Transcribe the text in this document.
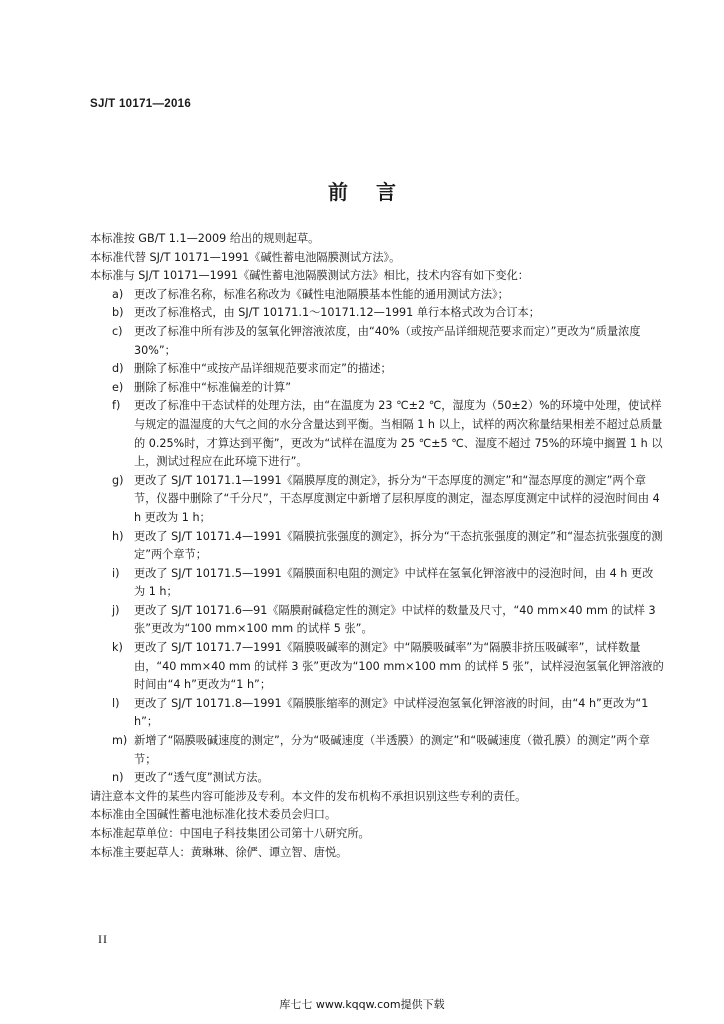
SJ/T 10171—2016
前言

本标准按 GB/T 1.1—2009 给出的规则起草。

本标准代替 SJ/T 10171—1991《碱性蓄电池隔膜测试方法》。

本标准与 SJ/T 10171—1991《碱性蓄电池隔膜测试方法》相比，技术内容有如下变化：

a) 更改了标准名称，标准名称改为《碱性电池隔膜基本性能的通用测试方法》；
b) 更改了标准格式，由 SJ/T 10171.1～10171.12—1991 单行本格式改为合订本；
c)	更改了标准中所有涉及的氢氧化钾溶液浓度，由“40%（或按产品详细规范要求而定）”更改为“质量浓度 30%”；
d) 删除了标准中“或按产品详细规范要求而定”的描述；
e) 删除了标准中“标准偏差的计算”
f)	更改了标准中干态试样的处理方法，由“在温度为 23 ℃±2 ℃，湿度为（50±2）%的环境中处理，使试样与规定的温湿度的大气之间的水分含量达到平衡。当相隔 1 h 以上，试样的两次称量结果相差不超过总质量的 0.25%时，才算达到平衡”，更改为“试样在温度为 25 ℃±5 ℃、湿度不超过 75%的环境中搁置 1 h 以上，测试过程应在此环境下进行”。
g) 更改了 SJ/T 10171.1—1991《隔膜厚度的测定》，拆分为“干态厚度的测定”和“湿态厚度的测定”两个章节，仪器中删除了“千分尺”，干态厚度测定中新增了层积厚度的测定，湿态厚度测定中试样的浸泡时间由 4 h 更改为 1 h；
h) 更改了 SJ/T 10171.4—1991《隔膜抗张强度的测定》，拆分为“干态抗张强度的测定”和“湿态抗张强度的测定”两个章节；
i)	更改了 SJ/T 10171.5—1991《隔膜面积电阻的测定》中试样在氢氧化钾溶液中的浸泡时间，由 4 h 更改为 1 h；
j)	更改了 SJ/T 10171.6—91《隔膜耐碱稳定性的测定》中试样的数量及尺寸，“40 mm×40 mm 的试样 3 张”更改为“100 mm×100 mm 的试样 5 张”。
k) 更改了 SJ/T 10171.7—1991《隔膜吸碱率的测定》中“隔膜吸碱率”为“隔膜非挤压吸碱率”，试样数量由，“40 mm×40 mm 的试样 3 张”更改为“100 mm×100 mm 的试样 5 张”，试样浸泡氢氧化钾溶液的时间由“4 h”更改为“1 h”；
l)	更改了 SJ/T 10171.8—1991《隔膜胀缩率的测定》中试样浸泡氢氧化钾溶液的时间，由“4 h”更改为“1 h”；
m) 新增了“隔膜吸碱速度的测定”，分为“吸碱速度（半透膜）的测定”和“吸碱速度（微孔膜）的测定”两个章节；
n) 更改了“透气度”测试方法。

请注意本文件的某些内容可能涉及专利。本文件的发布机构不承担识别这些专利的责任。

本标准由全国碱性蓄电池标准化技术委员会归口。

本标准起草单位：中国电子科技集团公司第十八研究所。

本标准主要起草人：黄琳琳、徐俨、谭立智、唐悦。

II
库七七 www.kqqw.com提供下载
